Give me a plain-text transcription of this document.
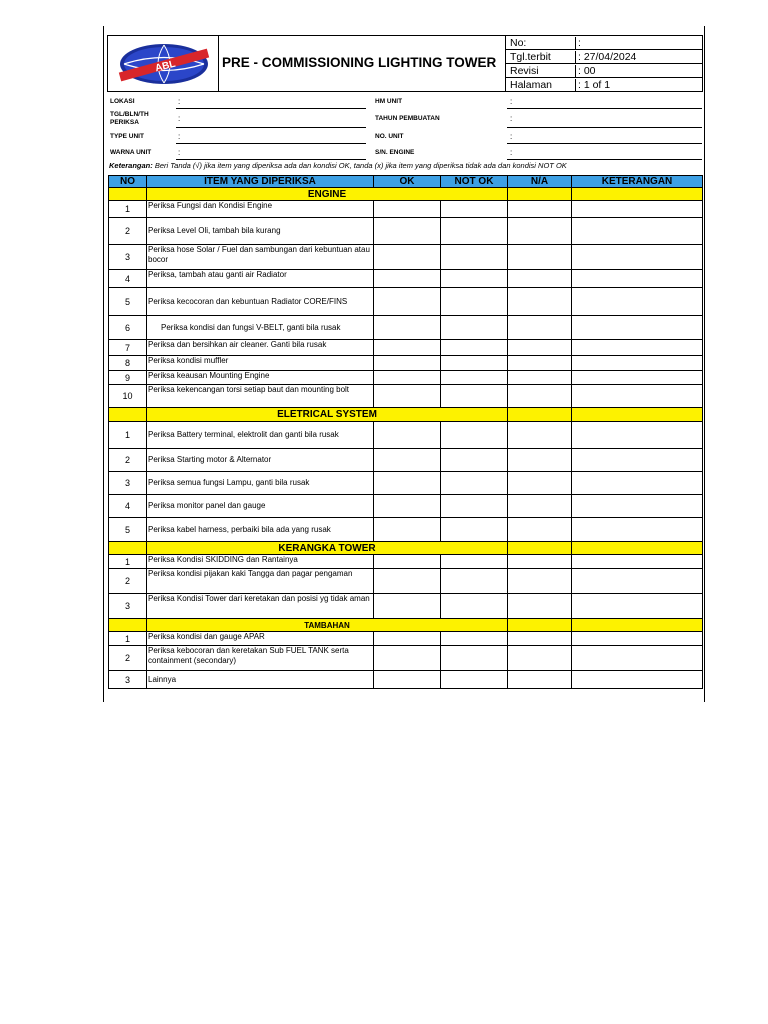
ABL	PRE - COMMISSIONING LIGHTING TOWER
No:	:
Tgl.terbit	: 27/04/2024
Revisi	: 00
Halaman : 1 of 1
LOKASI	:
TGL/BLN/TH
PERIKSA	:
TYPE UNIT	:
WARNA UNIT	:
HM UNIT	:
TAHUN PEMBUATAN	:
NO. UNIT	:
S/N. ENGINE	:
Keterangan: Beri Tanda (√) jika item yang diperiksa ada dan kondisi OK, tanda (x) jika item yang diperiksa tidak ada dan kondisi NOT OK
NO	ITEM YANG DIPERIKSA	OK	NOT OK	N/A	KETERANGAN
	ENGINE				
1	Periksa Fungsi dan Kondisi Engine				
2	Periksa Level Oli, tambah bila kurang				
3	Periksa hose Solar / Fuel dan sambungan dari kebuntuan atau bocor				
4	Periksa, tambah atau ganti air Radiator				
5	Periksa kecocoran dan kebuntuan Radiator CORE/FINS				
6	Periksa kondisi dan fungsi V-BELT, ganti bila rusak				
7	Periksa dan bersihkan air cleaner. Ganti bila rusak				
8	Periksa kondisi muffler				
9	Periksa keausan Mounting Engine				
10	Periksa kekencangan torsi setiap baut dan mounting bolt				
	ELETRICAL SYSTEM				
1	Periksa Battery terminal, elektrolit dan ganti bila rusak				
2	Periksa Starting motor & Alternator				
3	Periksa semua fungsi Lampu, ganti bila rusak				
4	Periksa monitor panel dan gauge				
5	Periksa kabel harness, perbaiki bila ada yang rusak				
	KERANGKA TOWER				
1	Periksa Kondisi SKIDDING dan Rantainya				
2	Periksa kondisi pijakan kaki Tangga dan pagar pengaman				
3	Periksa Kondisi Tower dari keretakan dan posisi yg tidak aman				
	TAMBAHAN				
1	Periksa kondisi dan gauge APAR				
2	Periksa kebocoran dan keretakan Sub FUEL TANK serta containment (secondary)				
3	Lainnya				
